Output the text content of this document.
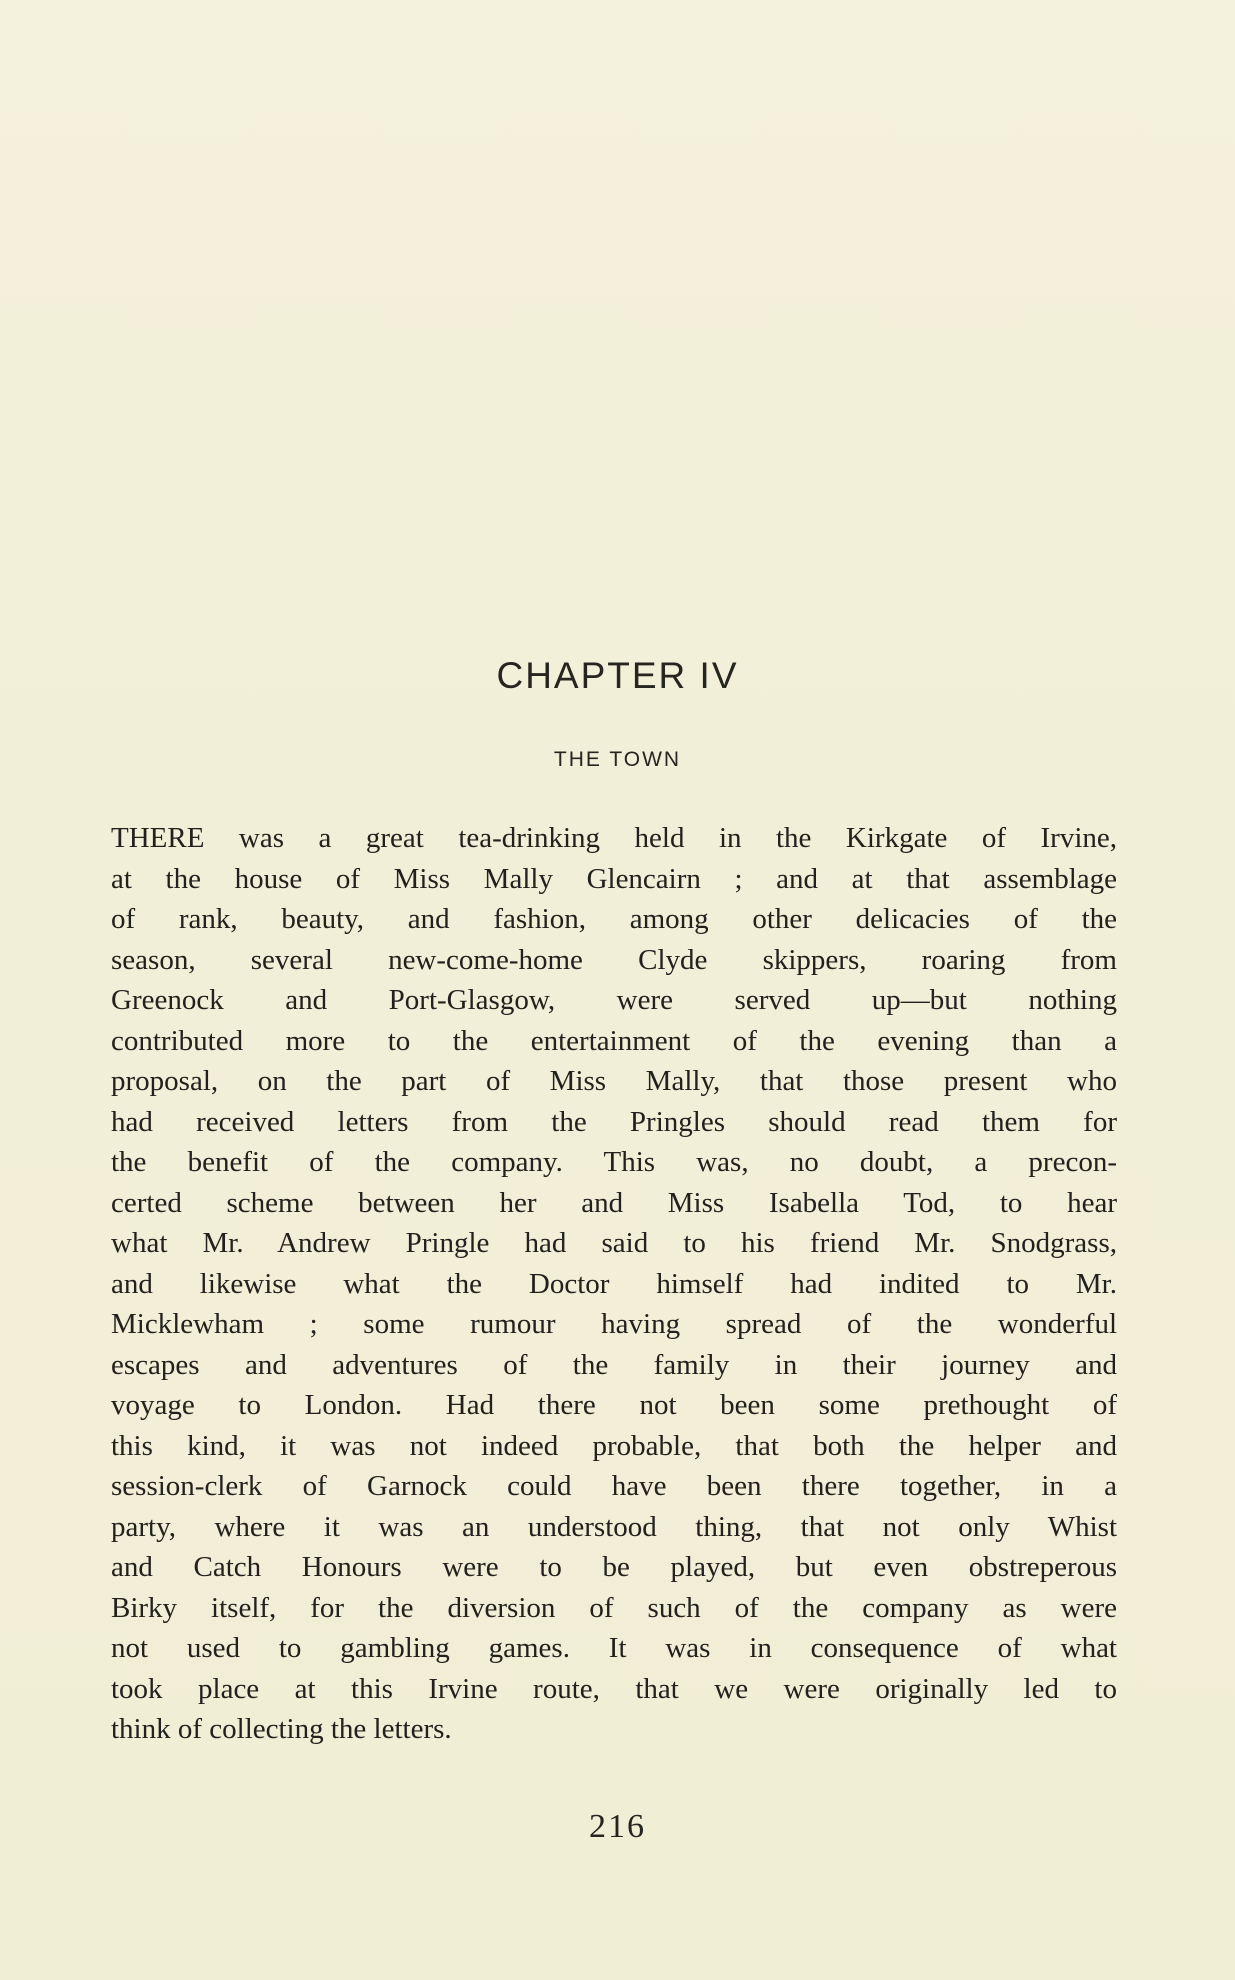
CHAPTER IV
THE TOWN
THERE was a great tea-drinking held in the Kirkgate of Irvine,
at the house of Miss Mally Glencairn ; and at that assemblage
of rank, beauty, and fashion, among other delicacies of the
season, several new-come-home Clyde skippers, roaring from
Greenock and Port-Glasgow, were served up—but nothing
contributed more to the entertainment of the evening than a
proposal, on the part of Miss Mally, that those present who
had received letters from the Pringles should read them for
the benefit of the company. This was, no doubt, a precon-
certed scheme between her and Miss Isabella Tod, to hear
what Mr. Andrew Pringle had said to his friend Mr. Snodgrass,
and likewise what the Doctor himself had indited to Mr.
Micklewham ; some rumour having spread of the wonderful
escapes and adventures of the family in their journey and
voyage to London. Had there not been some prethought of
this kind, it was not indeed probable, that both the helper and
session-clerk of Garnock could have been there together, in a
party, where it was an understood thing, that not only Whist
and Catch Honours were to be played, but even obstreperous
Birky itself, for the diversion of such of the company as were
not used to gambling games. It was in consequence of what
took place at this Irvine route, that we were originally led to
think of collecting the letters.
216
